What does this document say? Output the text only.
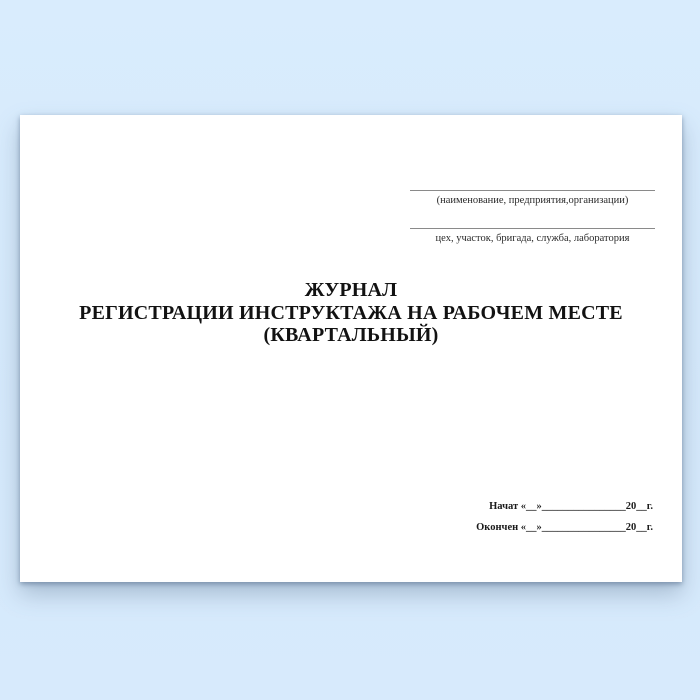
(наименование, предприятия,организации)
цех, участок, бригада, служба, лаборатория
ЖУРНАЛ
РЕГИСТРАЦИИ ИНСТРУКТАЖА НА РАБОЧЕМ МЕСТЕ
(КВАРТАЛЬНЫЙ)
Начат «__»________________20__г.
Окончен «__»________________20__г.
